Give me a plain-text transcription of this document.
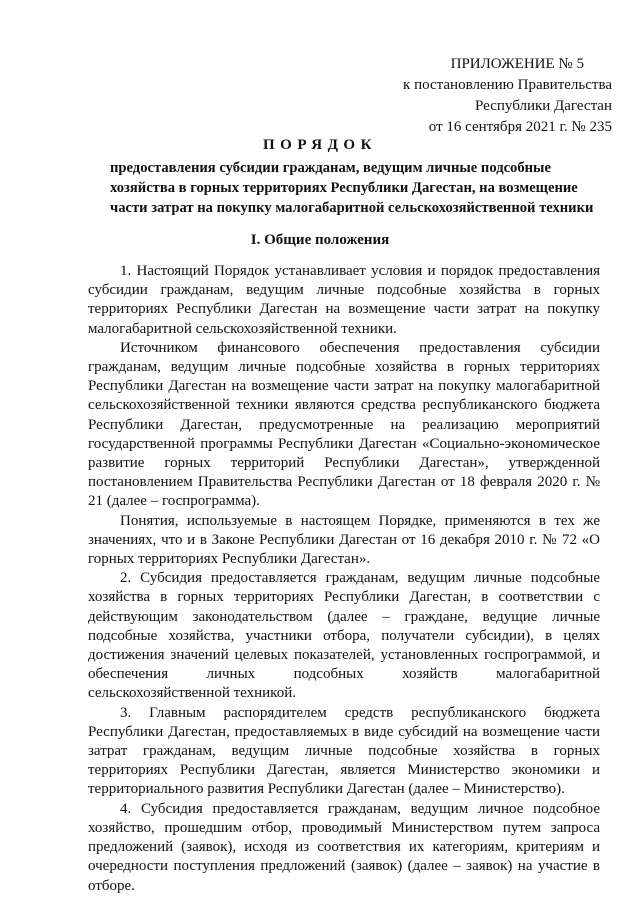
ПРИЛОЖЕНИЕ № 5
к постановлению Правительства
Республики Дагестан
от 16 сентября 2021 г. № 235
ПОРЯДОК
предоставления субсидии гражданам, ведущим личные подсобные
хозяйства в горных территориях Республики Дагестан, на возмещение
части затрат на покупку малогабаритной сельскохозяйственной техники
I. Общие положения
1. Настоящий Порядок устанавливает условия и порядок предоставления субсидии гражданам, ведущим личные подсобные хозяйства в горных территориях Республики Дагестан на возмещение части затрат на покупку малогабаритной сельскохозяйственной техники.
Источником финансового обеспечения предоставления субсидии гражданам, ведущим личные подсобные хозяйства в горных территориях Республики Дагестан на возмещение части затрат на покупку малогабаритной сельскохозяйственной техники являются средства республиканского бюджета Республики Дагестан, предусмотренные на реализацию мероприятий государственной программы Республики Дагестан «Социально-экономическое развитие горных территорий Республики Дагестан», утвержденной постановлением Правительства Республики Дагестан от 18 февраля 2020 г. № 21 (далее – госпрограмма).
Понятия, используемые в настоящем Порядке, применяются в тех же значениях, что и в Законе Республики Дагестан от 16 декабря 2010 г. № 72 «О горных территориях Республики Дагестан».
2. Субсидия предоставляется гражданам, ведущим личные подсобные хозяйства в горных территориях Республики Дагестан, в соответствии с действующим законодательством (далее – граждане, ведущие личные подсобные хозяйства, участники отбора, получатели субсидии), в целях достижения значений целевых показателей, установленных госпрограммой, и обеспечения личных подсобных хозяйств малогабаритной сельскохозяйственной техникой.
3. Главным распорядителем средств республиканского бюджета Республики Дагестан, предоставляемых в виде субсидий на возмещение части затрат гражданам, ведущим личные подсобные хозяйства в горных территориях Республики Дагестан, является Министерство экономики и территориального развития Республики Дагестан (далее – Министерство).
4. Субсидия предоставляется гражданам, ведущим личное подсобное хозяйство, прошедшим отбор, проводимый Министерством путем запроса предложений (заявок), исходя из соответствия их категориям, критериям и очередности поступления предложений (заявок) (далее – заявок) на участие в отборе.
